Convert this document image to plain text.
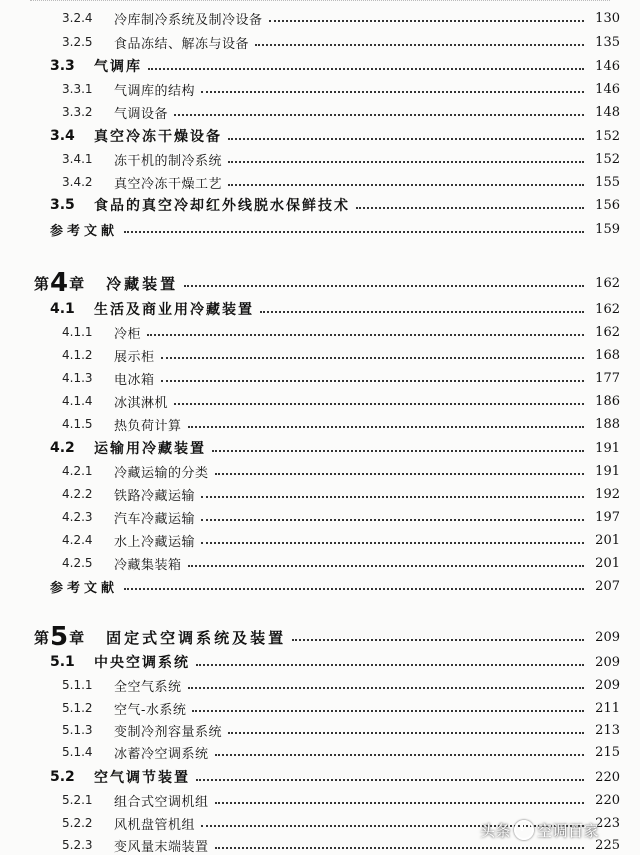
3.2.4	冷库制冷系统及制冷设备	130
3.2.5	食品冻结、解冻与设备	135
3.3	气调库	146
3.3.1	气调库的结构	146
3.3.2	气调设备	148
3.4	真空冷冻干燥设备	152
3.4.1	冻干机的制冷系统	152
3.4.2	真空冷冻干燥工艺	155
3.5	食品的真空冷却红外线脱水保鲜技术	156
参考文献	159
第 4 章 冷藏装置	162
4.1	生活及商业用冷藏装置	162
4.1.1	冷柜	162
4.1.2	展示柜	168
4.1.3	电冰箱	177
4.1.4	冰淇淋机	186
4.1.5	热负荷计算	188
4.2	运输用冷藏装置	191
4.2.1	冷藏运输的分类	191
4.2.2	铁路冷藏运输	192
4.2.3	汽车冷藏运输	197
4.2.4	水上冷藏运输	201
4.2.5	冷藏集装箱	201
参考文献	207
第 5 章 固定式空调系统及装置	209
5.1	中央空调系统	209
5.1.1	全空气系统	209
5.1.2	空气-水系统	211
5.1.3	变制冷剂容量系统	213
5.1.4	冰蓄冷空调系统	215
5.2	空气调节装置	220
5.2.1	组合式空调机组	220
5.2.2	风机盘管机组	223
5.2.3	变风量末端装置	225
头条 空调百家
